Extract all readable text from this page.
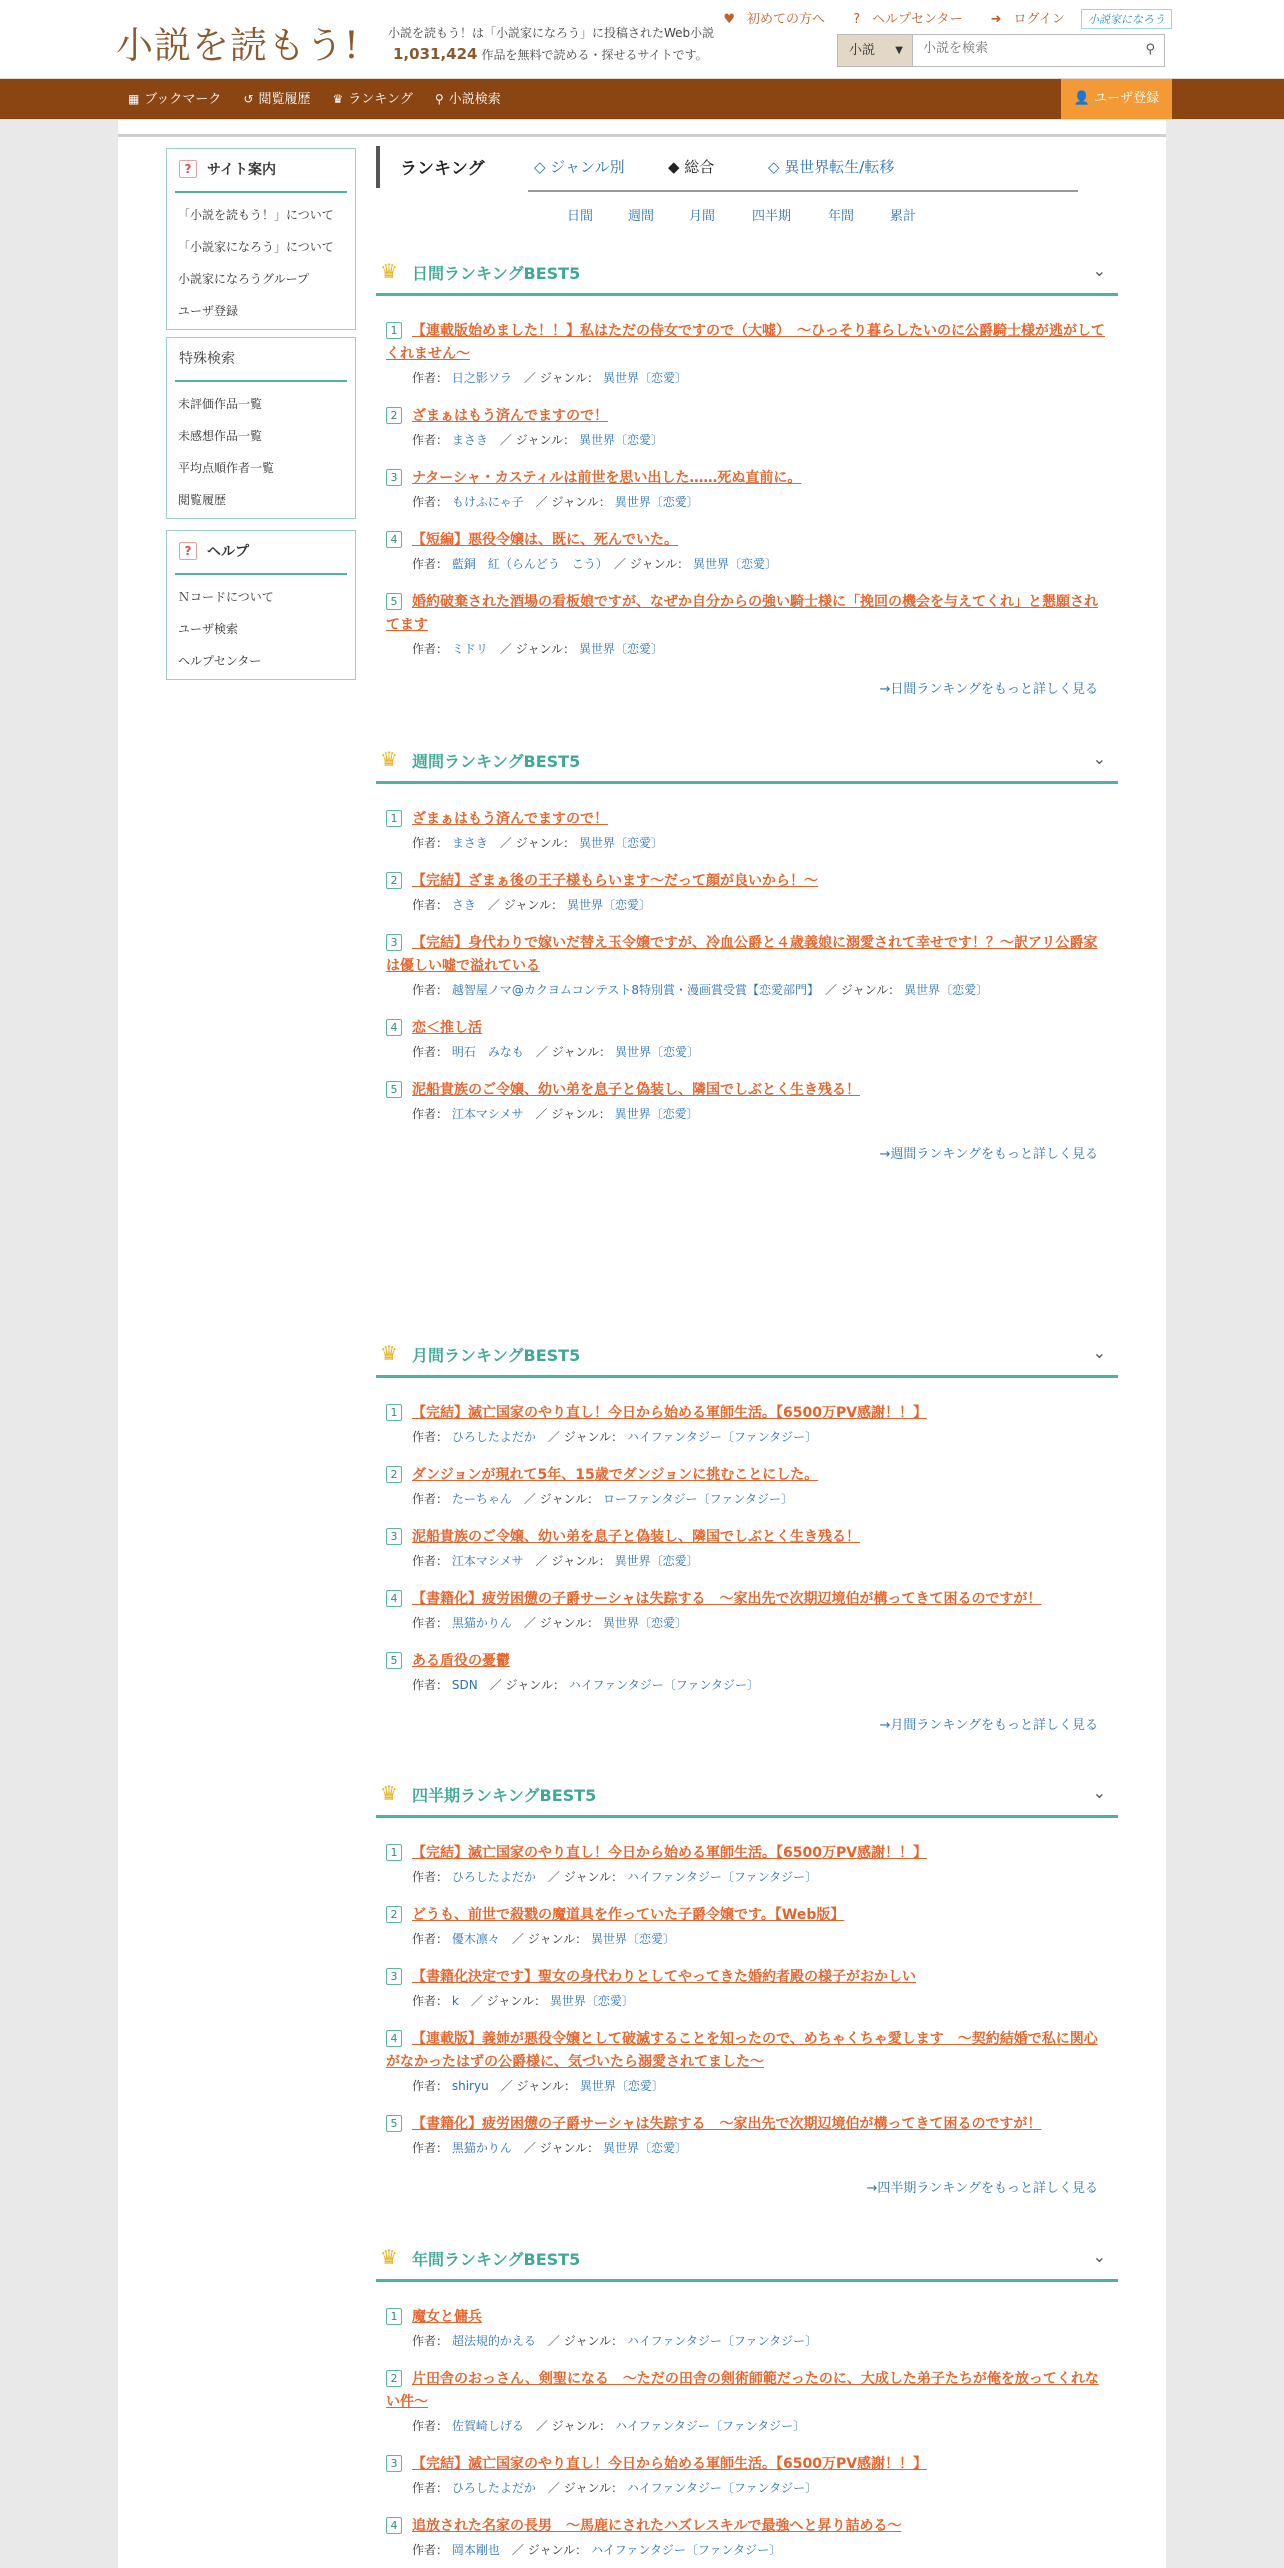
小説を読もう! 小説を読もう！は「小説家になろう」に投稿されたWeb小説
1,031,424 作品を無料で読める・探せるサイトです。
♥ 初めての方へ ? ヘルプセンター ➜ ログイン 小説家になろう
小説 ▼
小説を検索	⚲
▦ ブックマーク ↺ 閲覧履歴 ♛ ランキング ⚲ 小説検索	👤 ユーザ登録
?	サイト案内
「小説を読もう！」について
「小説家になろう」について
小説家になろうグループ
ユーザ登録
特殊検索
未評価作品一覧
未感想作品一覧
平均点順作者一覧
閲覧履歴
?	ヘルプ
Ｎコードについて
ユーザ検索
ヘルプセンター
ランキング	◇ ジャンル別	◆ 総合	◇ 異世界転生/転移
日間	週間	月間	四半期	年間	累計
♛ 日間ランキングBEST5	⌄
1	【連載版始めました！！】私はただの侍女ですので（大嘘）　～ひっそり暮らしたいのに公爵騎士様が逃がしてくれません～
作者： 日之影ソラ　 ／ ジャンル： 異世界〔恋愛〕
2	ざまぁはもう済んでますので！
作者： まさき　 ／ ジャンル： 異世界〔恋愛〕
3	ナターシャ・カスティルは前世を思い出した……死ぬ直前に。
作者： もけふにゃ子　 ／ ジャンル： 異世界〔恋愛〕
4	【短編】悪役令嬢は、既に、死んでいた。
作者： 藍銅　紅（らんどう　こう）　 ／ ジャンル： 異世界〔恋愛〕
5	婚約破棄された酒場の看板娘ですが、なぜか自分からの強い騎士様に「挽回の機会を与えてくれ」と懇願されてます
作者： ミドリ　 ／ ジャンル： 異世界〔恋愛〕
→日間ランキングをもっと詳しく見る
♛ 週間ランキングBEST5	⌄
1	ざまぁはもう済んでますので！
作者： まさき　 ／ ジャンル： 異世界〔恋愛〕
2	【完結】ざまぁ後の王子様もらいます〜だって顔が良いから！〜
作者： さき　 ／ ジャンル： 異世界〔恋愛〕
3	【完結】身代わりで嫁いだ替え玉令嬢ですが、冷血公爵と４歳義娘に溺愛されて幸せです！？～訳アリ公爵家は優しい嘘で溢れている
作者： 越智屋ノマ@カクヨムコンテスト8特別賞・漫画賞受賞【恋愛部門】　 ／ ジャンル： 異世界〔恋愛〕
4	恋＜推し活
作者： 明石　みなも　 ／ ジャンル： 異世界〔恋愛〕
5	泥船貴族のご令嬢、幼い弟を息子と偽装し、隣国でしぶとく生き残る！
作者： 江本マシメサ　 ／ ジャンル： 異世界〔恋愛〕
→週間ランキングをもっと詳しく見る
♛ 月間ランキングBEST5	⌄
1	【完結】滅亡国家のやり直し！今日から始める軍師生活。【6500万PV感謝！！】
作者： ひろしたよだか　 ／ ジャンル： ハイファンタジー〔ファンタジー〕
2	ダンジョンが現れて5年、15歳でダンジョンに挑むことにした。
作者： たーちゃん　 ／ ジャンル： ローファンタジー〔ファンタジー〕
3	泥船貴族のご令嬢、幼い弟を息子と偽装し、隣国でしぶとく生き残る！
作者： 江本マシメサ　 ／ ジャンル： 異世界〔恋愛〕
4	【書籍化】疲労困憊の子爵サーシャは失踪する　～家出先で次期辺境伯が構ってきて困るのですが！
作者： 黒猫かりん　 ／ ジャンル： 異世界〔恋愛〕
5	ある盾役の憂鬱
作者： SDN　 ／ ジャンル： ハイファンタジー〔ファンタジー〕
→月間ランキングをもっと詳しく見る
♛ 四半期ランキングBEST5	⌄
1	【完結】滅亡国家のやり直し！今日から始める軍師生活。【6500万PV感謝！！】
作者： ひろしたよだか　 ／ ジャンル： ハイファンタジー〔ファンタジー〕
2	どうも、前世で殺戮の魔道具を作っていた子爵令嬢です。【Web版】
作者： 優木凛々　 ／ ジャンル： 異世界〔恋愛〕
3	【書籍化決定です】聖女の身代わりとしてやってきた婚約者殿の様子がおかしい
作者： k　 ／ ジャンル： 異世界〔恋愛〕
4	【連載版】義姉が悪役令嬢として破滅することを知ったので、めちゃくちゃ愛します　～契約結婚で私に関心がなかったはずの公爵様に、気づいたら溺愛されてました～
作者： shiryu　 ／ ジャンル： 異世界〔恋愛〕
5	【書籍化】疲労困憊の子爵サーシャは失踪する　～家出先で次期辺境伯が構ってきて困るのですが！
作者： 黒猫かりん　 ／ ジャンル： 異世界〔恋愛〕
→四半期ランキングをもっと詳しく見る
♛ 年間ランキングBEST5	⌄
1	魔女と傭兵
作者： 超法規的かえる　 ／ ジャンル： ハイファンタジー〔ファンタジー〕
2	片田舎のおっさん、剣聖になる　～ただの田舎の剣術師範だったのに、大成した弟子たちが俺を放ってくれない件～
作者： 佐賀崎しげる　 ／ ジャンル： ハイファンタジー〔ファンタジー〕
3	【完結】滅亡国家のやり直し！今日から始める軍師生活。【6500万PV感謝！！】
作者： ひろしたよだか　 ／ ジャンル： ハイファンタジー〔ファンタジー〕
4	追放された名家の長男　～馬鹿にされたハズレスキルで最強へと昇り詰める～
作者： 岡本剛也　 ／ ジャンル： ハイファンタジー〔ファンタジー〕
